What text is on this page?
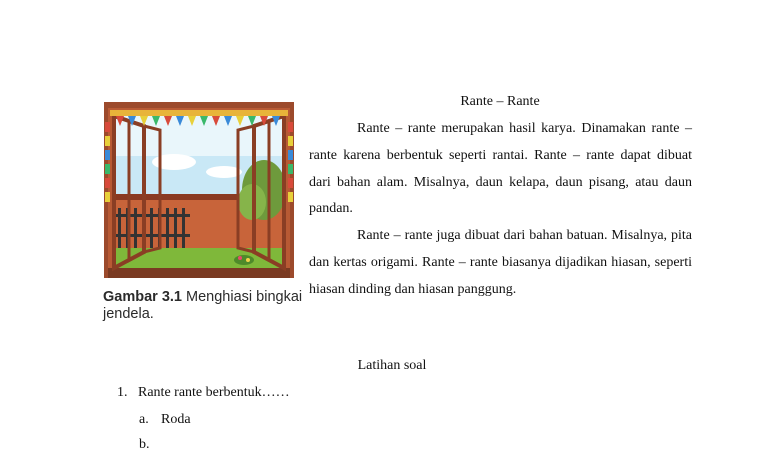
Gambar 3.1 Menghiasi bingkai jendela.
Rante – Rante

Rante – rante merupakan hasil karya. Dinamakan rante – rante karena berbentuk seperti rantai. Rante – rante dapat dibuat dari bahan alam. Misalnya, daun kelapa, daun pisang, atau daun pandan.

Rante – rante juga dibuat dari bahan batuan. Misalnya, pita dan kertas origami. Rante – rante biasanya dijadikan hiasan, seperti hiasan dinding dan hiasan panggung.

Latihan soal
1. Rante rante berbentuk……
a. Roda
b.
